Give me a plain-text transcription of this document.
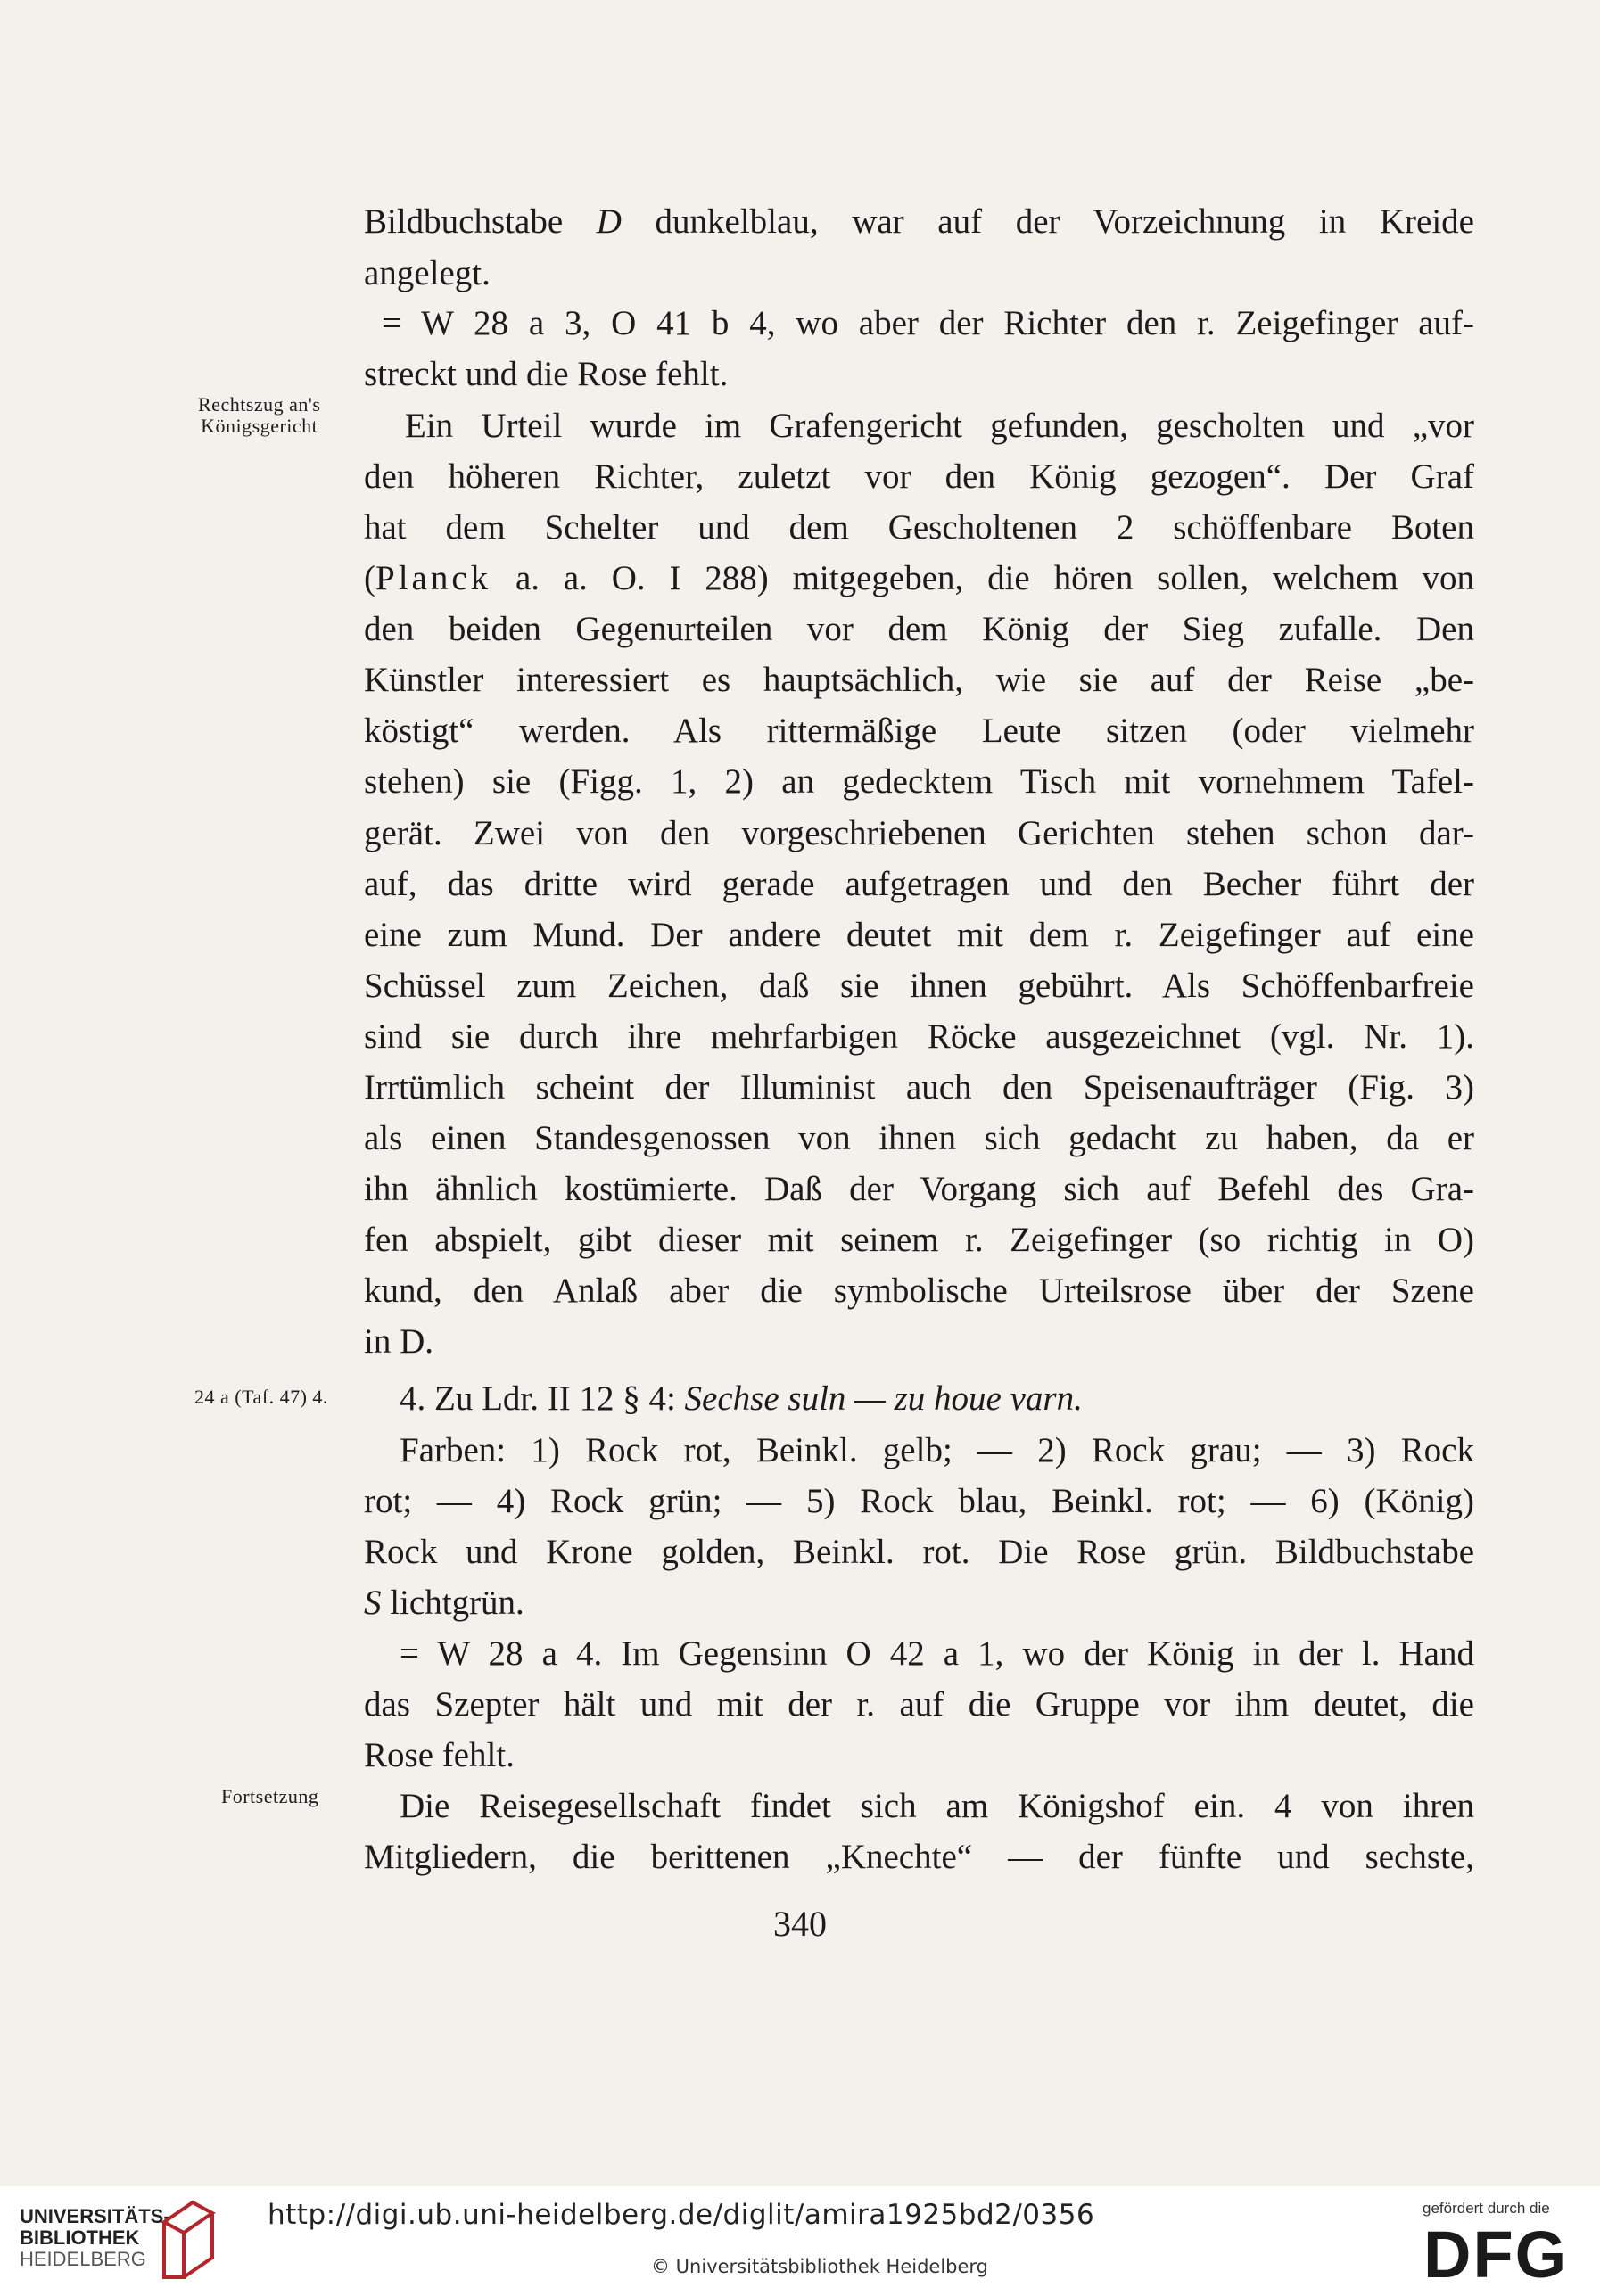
Rechtszug an's
Königsgericht
24 a (Taf. 47) 4.
Fortsetzung
Bildbuchstabe D dunkelblau, war auf der Vorzeichnung in Kreide
angelegt.
= W 28 a 3, O 41 b 4, wo aber der Richter den r. Zeigefinger auf-
streckt und die Rose fehlt.
Ein Urteil wurde im Grafengericht gefunden, gescholten und „vor
den höheren Richter, zuletzt vor den König gezogen“. Der Graf
hat dem Schelter und dem Gescholtenen 2 schöffenbare Boten
(Planck a. a. O. I 288) mitgegeben, die hören sollen, welchem von
den beiden Gegenurteilen vor dem König der Sieg zufalle. Den
Künstler interessiert es hauptsächlich, wie sie auf der Reise „be-
köstigt“ werden. Als rittermäßige Leute sitzen (oder vielmehr
stehen) sie (Figg. 1, 2) an gedecktem Tisch mit vornehmem Tafel-
gerät. Zwei von den vorgeschriebenen Gerichten stehen schon dar-
auf, das dritte wird gerade aufgetragen und den Becher führt der
eine zum Mund. Der andere deutet mit dem r. Zeigefinger auf eine
Schüssel zum Zeichen, daß sie ihnen gebührt. Als Schöffenbarfreie
sind sie durch ihre mehrfarbigen Röcke ausgezeichnet (vgl. Nr. 1).
Irrtümlich scheint der Illuminist auch den Speisenaufträger (Fig. 3)
als einen Standesgenossen von ihnen sich gedacht zu haben, da er
ihn ähnlich kostümierte. Daß der Vorgang sich auf Befehl des Gra-
fen abspielt, gibt dieser mit seinem r. Zeigefinger (so richtig in O)
kund, den Anlaß aber die symbolische Urteilsrose über der Szene
in D.
4. Zu Ldr. II 12 § 4: Sechse suln — zu houe varn.
Farben: 1) Rock rot, Beinkl. gelb; — 2) Rock grau; — 3) Rock
rot; — 4) Rock grün; — 5) Rock blau, Beinkl. rot; — 6) (König)
Rock und Krone golden, Beinkl. rot. Die Rose grün. Bildbuchstabe
S lichtgrün.
= W 28 a 4. Im Gegensinn O 42 a 1, wo der König in der l. Hand
das Szepter hält und mit der r. auf die Gruppe vor ihm deutet, die
Rose fehlt.
Die Reisegesellschaft findet sich am Königshof ein. 4 von ihren
Mitgliedern, die berittenen „Knechte“ — der fünfte und sechste,
340
UNIVERSITÄTS-
BIBLIOTHEK
HEIDELBERG
http://digi.ub.uni-heidelberg.de/diglit/amira1925bd2/0356
© Universitätsbibliothek Heidelberg
gefördert durch die
DFG
